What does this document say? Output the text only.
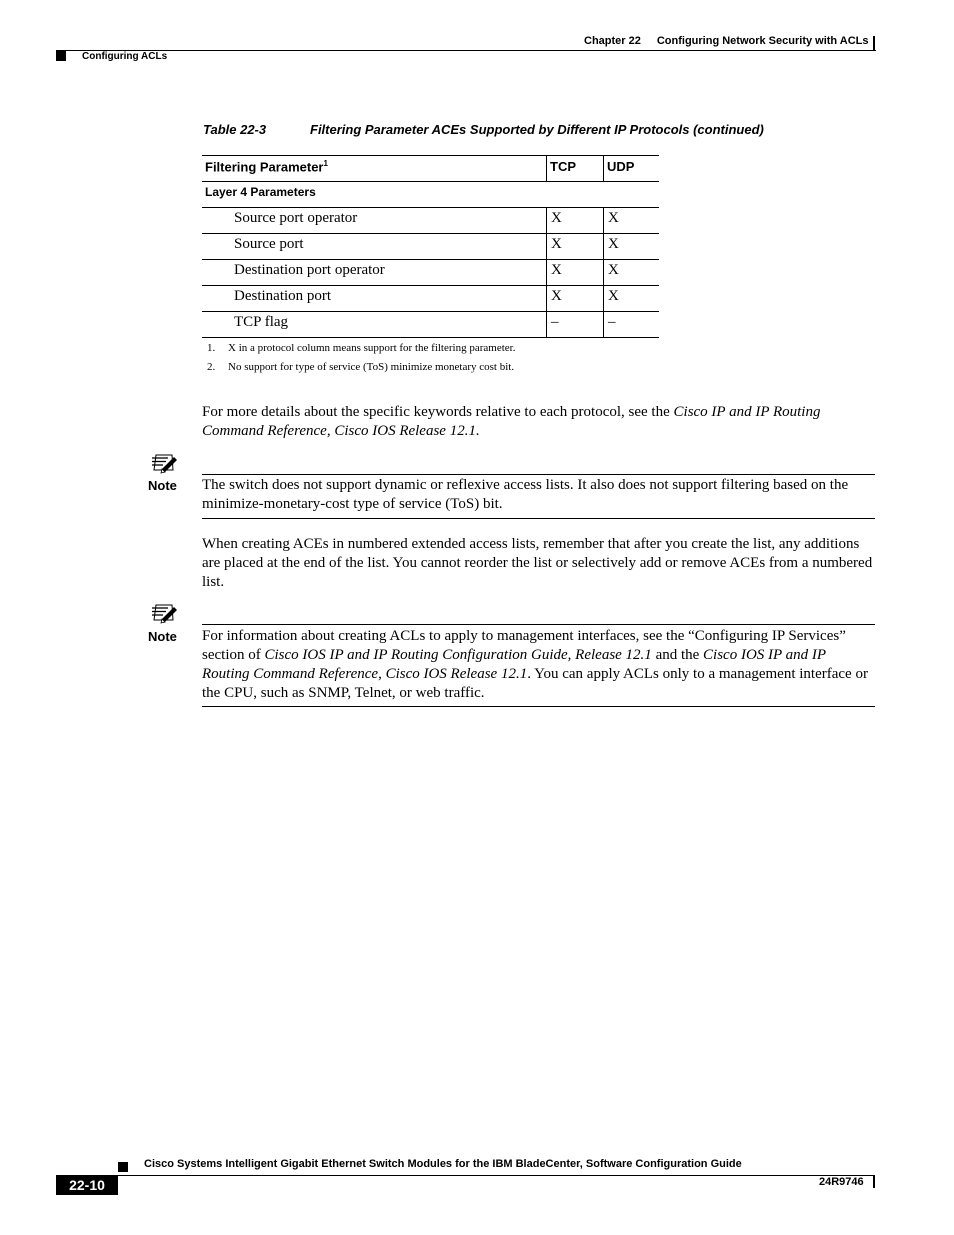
Chapter 22 Configuring Network Security with ACLs
Configuring ACLs
Table 22-3	Filtering Parameter ACEs Supported by Different IP Protocols (continued)
Filtering Parameter$^1$	TCP	UDP
Layer 4 Parameters
Source port operator	X	X
Source port	X	X
Destination port operator	X	X
Destination port	X	X
TCP flag	–	–
1. X in a protocol column means support for the filtering parameter.
2. No support for type of service (ToS) minimize monetary cost bit.
For more details about the specific keywords relative to each protocol, see the Cisco IP and IP Routing Command Reference, Cisco IOS Release 12.1.
Note The switch does not support dynamic or reflexive access lists. It also does not support filtering based on the minimize-monetary-cost type of service (ToS) bit.
When creating ACEs in numbered extended access lists, remember that after you create the list, any additions are placed at the end of the list. You cannot reorder the list or selectively add or remove ACEs from a numbered list.
Note For information about creating ACLs to apply to management interfaces, see the “Configuring IP Services” section of Cisco IOS IP and IP Routing Configuration Guide, Release 12.1 and the Cisco IOS IP and IP Routing Command Reference, Cisco IOS Release 12.1. You can apply ACLs only to a management interface or the CPU, such as SNMP, Telnet, or web traffic.
Cisco Systems Intelligent Gigabit Ethernet Switch Modules for the IBM BladeCenter, Software Configuration Guide
22-10	24R9746
